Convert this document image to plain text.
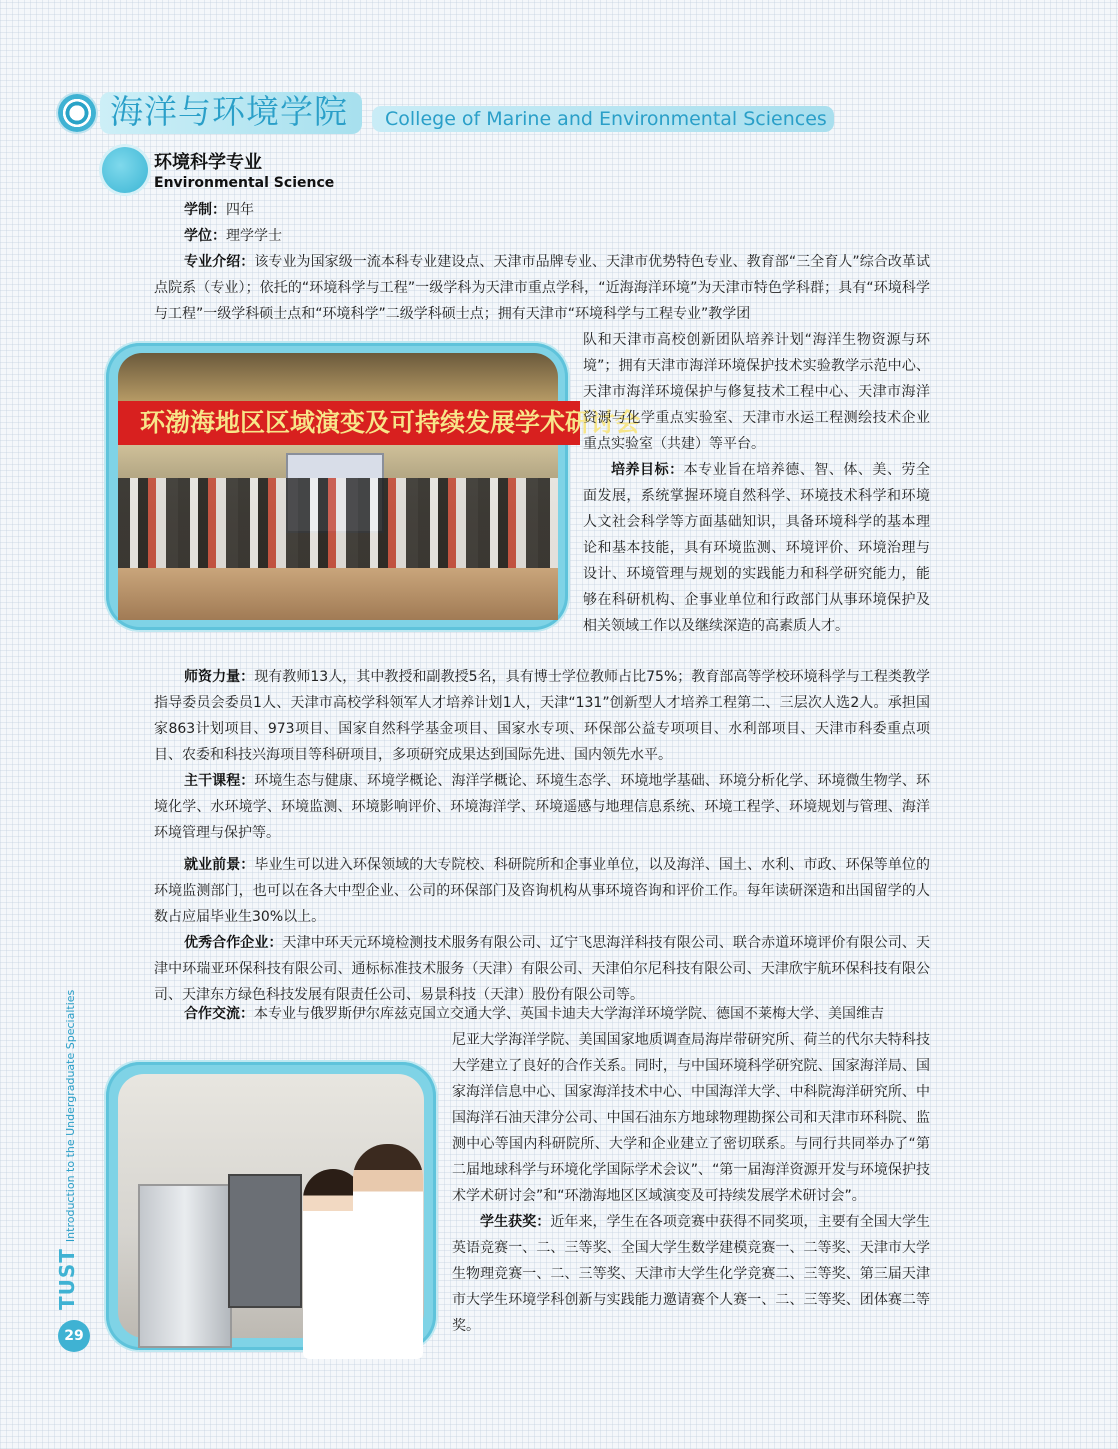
海洋与环境学院 College of Marine and Environmental Sciences
环境科学专业
Environmental Science
学制：四年
学位：理学学士

专业介绍：该专业为国家级一流本科专业建设点、天津市品牌专业、天津市优势特色专业、教育部“三全育人”综合改革试点院系（专业）；依托的“环境科学与工程”一级学科为天津市重点学科，“近海海洋环境”为天津市特色学科群；具有“环境科学与工程”一级学科硕士点和“环境科学”二级学科硕士点；拥有天津市“环境科学与工程专业”教学团

环渤海地区区域演变及可持续发展学术研讨会

队和天津市高校创新团队培养计划“海洋生物资源与环境”；拥有天津市海洋环境保护技术实验教学示范中心、天津市海洋环境保护与修复技术工程中心、天津市海洋资源与化学重点实验室、天津市水运工程测绘技术企业重点实验室（共建）等平台。

培养目标：本专业旨在培养德、智、体、美、劳全面发展，系统掌握环境自然科学、环境技术科学和环境人文社会科学等方面基础知识，具备环境科学的基本理论和基本技能，具有环境监测、环境评价、环境治理与设计、环境管理与规划的实践能力和科学研究能力，能够在科研机构、企事业单位和行政部门从事环境保护及相关领域工作以及继续深造的高素质人才。

师资力量：现有教师13人，其中教授和副教授5名，具有博士学位教师占比75%；教育部高等学校环境科学与工程类教学指导委员会委员1人、天津市高校学科领军人才培养计划1人，天津“131”创新型人才培养工程第二、三层次人选2人。承担国家863计划项目、973项目、国家自然科学基金项目、国家水专项、环保部公益专项项目、水利部项目、天津市科委重点项目、农委和科技兴海项目等科研项目，多项研究成果达到国际先进、国内领先水平。

主干课程：环境生态与健康、环境学概论、海洋学概论、环境生态学、环境地学基础、环境分析化学、环境微生物学、环境化学、水环境学、环境监测、环境影响评价、环境海洋学、环境遥感与地理信息系统、环境工程学、环境规划与管理、海洋环境管理与保护等。

就业前景：毕业生可以进入环保领域的大专院校、科研院所和企事业单位，以及海洋、国土、水利、市政、环保等单位的环境监测部门，也可以在各大中型企业、公司的环保部门及咨询机构从事环境咨询和评价工作。每年读研深造和出国留学的人数占应届毕业生30%以上。

优秀合作企业：天津中环天元环境检测技术服务有限公司、辽宁飞思海洋科技有限公司、联合赤道环境评价有限公司、天津中环瑞亚环保科技有限公司、通标标准技术服务（天津）有限公司、天津伯尔尼科技有限公司、天津欣宇航环保科技有限公司、天津东方绿色科技发展有限责任公司、易景科技（天津）股份有限公司等。

合作交流：本专业与俄罗斯伊尔库兹克国立交通大学、英国卡迪夫大学海洋环境学院、德国不莱梅大学、美国维吉

尼亚大学海洋学院、美国国家地质调查局海岸带研究所、荷兰的代尔夫特科技大学建立了良好的合作关系。同时，与中国环境科学研究院、国家海洋局、国家海洋信息中心、国家海洋技术中心、中国海洋大学、中科院海洋研究所、中国海洋石油天津分公司、中国石油东方地球物理勘探公司和天津市环科院、监测中心等国内科研院所、大学和企业建立了密切联系。与同行共同举办了“第二届地球科学与环境化学国际学术会议”、“第一届海洋资源开发与环境保护技术学术研讨会”和“环渤海地区区域演变及可持续发展学术研讨会”。

学生获奖：近年来，学生在各项竞赛中获得不同奖项，主要有全国大学生英语竞赛一、二、三等奖、全国大学生数学建模竞赛一、二等奖、天津市大学生物理竞赛一、二、三等奖、天津市大学生化学竞赛二、三等奖、第三届天津市大学生环境学科创新与实践能力邀请赛个人赛一、二、三等奖、团体赛二等奖。

TUSTIntroduction to the Undergraduate Specialties
29
